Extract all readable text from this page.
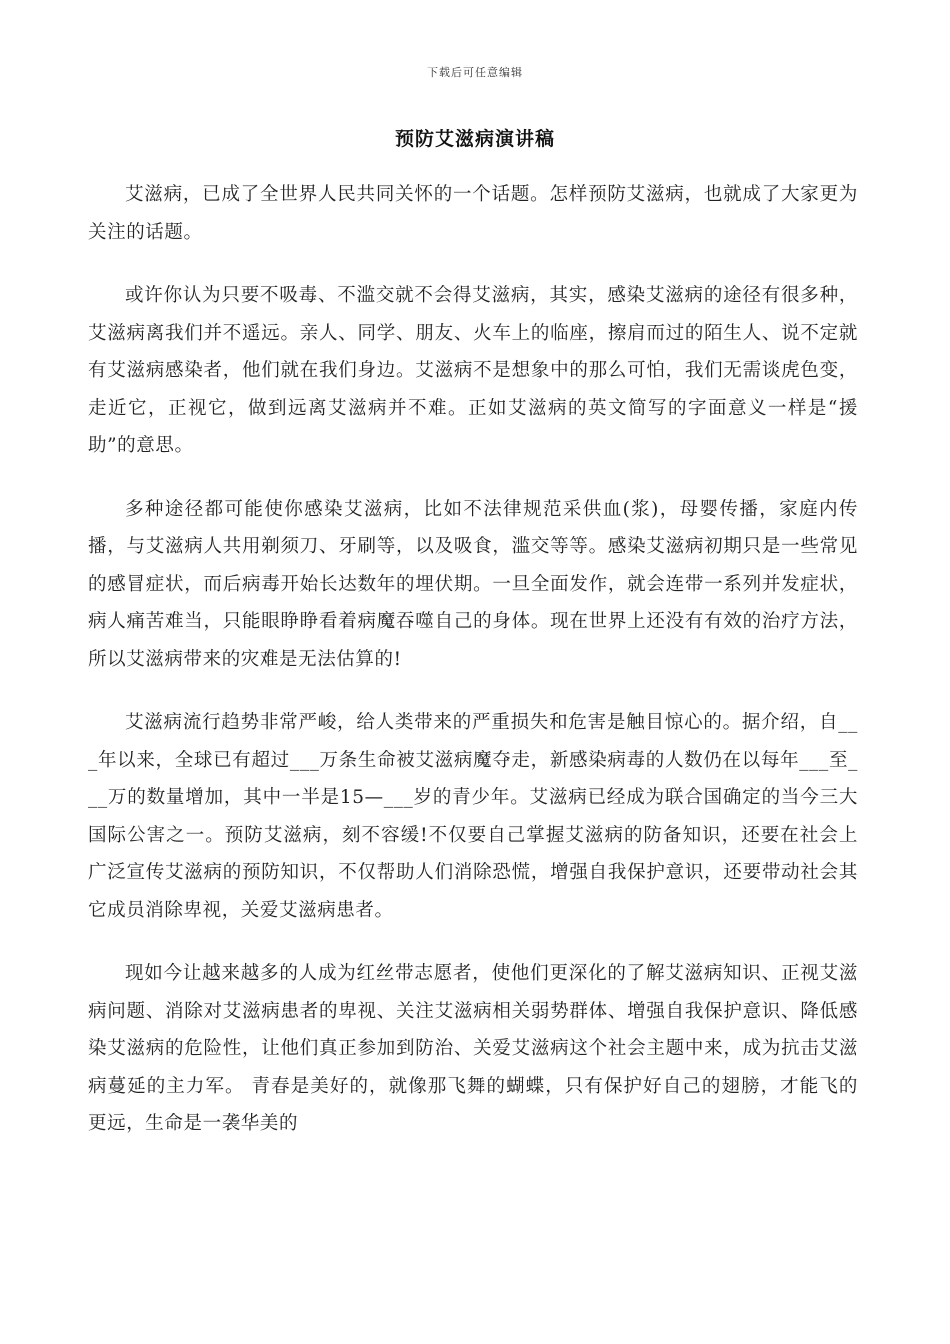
下载后可任意编辑
预防艾滋病演讲稿

艾滋病，已成了全世界人民共同关怀的一个话题。怎样预防艾滋病，也就成了大家更为关注的话题。

或许你认为只要不吸毒、不滥交就不会得艾滋病，其实，感染艾滋病的途径有很多种，艾滋病离我们并不遥远。亲人、同学、朋友、火车上的临座，擦肩而过的陌生人、说不定就有艾滋病感染者，他们就在我们身边。艾滋病不是想象中的那么可怕，我们无需谈虎色变，走近它，正视它，做到远离艾滋病并不难。正如艾滋病的英文简写的字面意义一样是“援助”的意思。

多种途径都可能使你感染艾滋病，比如不法律规范采供血(浆)，母婴传播，家庭内传播，与艾滋病人共用剃须刀、牙刷等，以及吸食，滥交等等。感染艾滋病初期只是一些常见的感冒症状，而后病毒开始长达数年的埋伏期。一旦全面发作，就会连带一系列并发症状，病人痛苦难当，只能眼睁睁看着病魔吞噬自己的身体。现在世界上还没有有效的治疗方法，所以艾滋病带来的灾难是无法估算的!

艾滋病流行趋势非常严峻，给人类带来的严重损失和危害是触目惊心的。据介绍，自___年以来，全球已有超过___万条生命被艾滋病魔夺走，新感染病毒的人数仍在以每年___至___万的数量增加，其中一半是15—___岁的青少年。艾滋病已经成为联合国确定的当今三大国际公害之一。预防艾滋病，刻不容缓!不仅要自己掌握艾滋病的防备知识，还要在社会上广泛宣传艾滋病的预防知识，不仅帮助人们消除恐慌，增强自我保护意识，还要带动社会其它成员消除卑视，关爱艾滋病患者。

现如今让越来越多的人成为红丝带志愿者，使他们更深化的了解艾滋病知识、正视艾滋病问题、消除对艾滋病患者的卑视、关注艾滋病相关弱势群体、增强自我保护意识、降低感染艾滋病的危险性，让他们真正参加到防治、关爱艾滋病这个社会主题中来，成为抗击艾滋病蔓延的主力军。 青春是美好的，就像那飞舞的蝴蝶，只有保护好自己的翅膀，才能飞的更远，生命是一袭华美的
